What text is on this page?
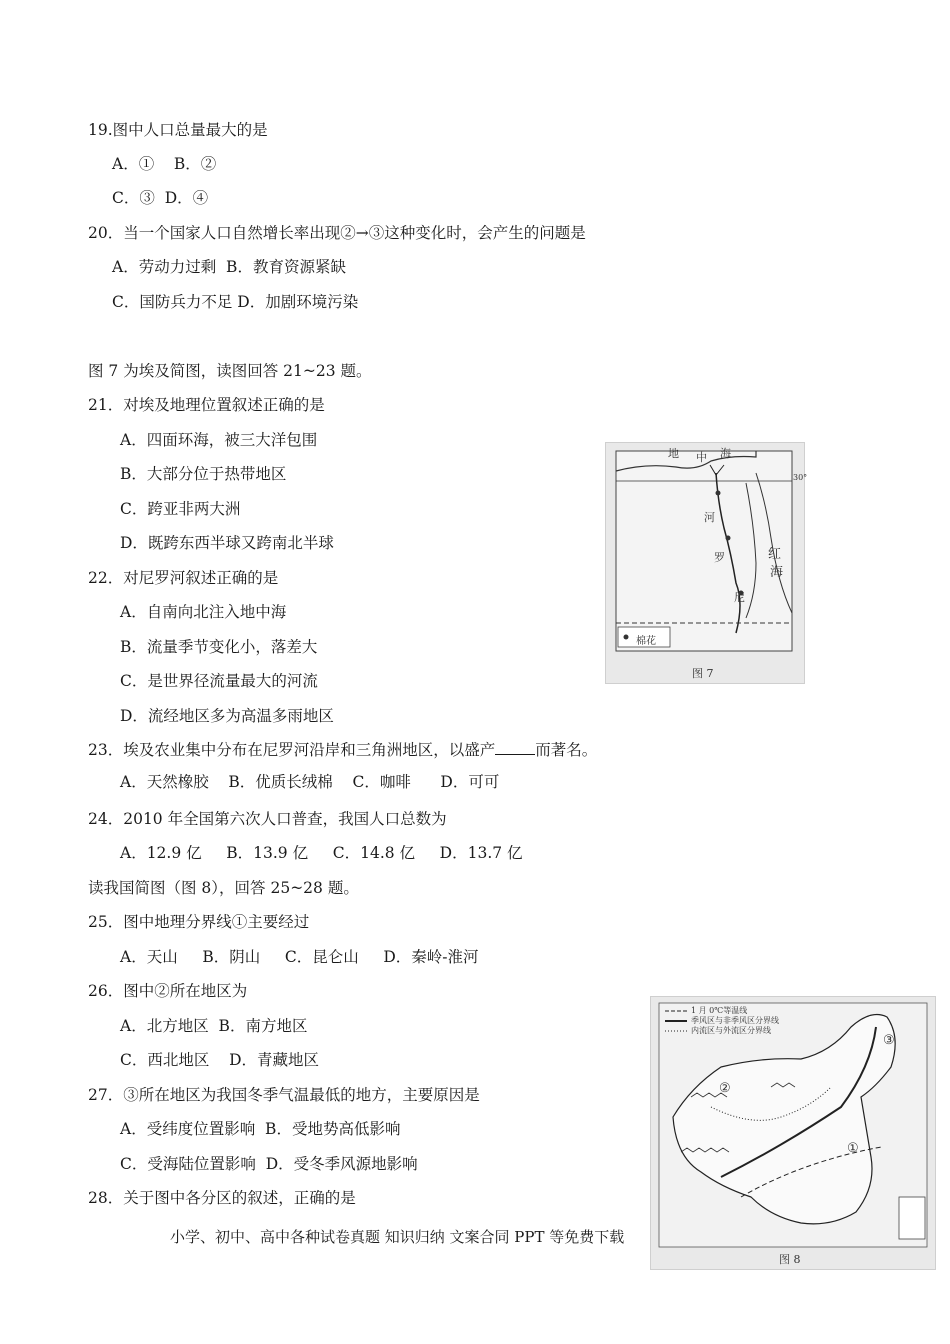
19.图中人口总量最大的是
A．①    B．②
C．③  D．④
20．当一个国家人口自然增长率出现②→③这种变化时，会产生的问题是
A．劳动力过剩  B．教育资源紧缺
C．国防兵力不足 D．加剧环境污染
图 7 为埃及简图，读图回答 21~23 题。
21．对埃及地理位置叙述正确的是
A．四面环海，被三大洋包围
B．大部分位于热带地区
C．跨亚非两大洲
D．既跨东西半球又跨南北半球
22．对尼罗河叙述正确的是
A．自南向北注入地中海
B．流量季节变化小，落差大
C．是世界径流量最大的河流
D．流经地区多为高温多雨地区
23．埃及农业集中分布在尼罗河沿岸和三角洲地区，以盛产	而著名。
A．天然橡胶    B．优质长绒棉    C．咖啡      D．可可
24．2010 年全国第六次人口普查，我国人口总数为
A．12.9 亿     B．13.9 亿     C．14.8 亿     D．13.7 亿
读我国简图（图 8），回答 25~28 题。
25．图中地理分界线①主要经过
A．天山     B．阴山     C．昆仑山     D．秦岭-淮河
26．图中②所在地区为
A．北方地区  B．南方地区
C．西北地区    D．青藏地区
27．③所在地区为我国冬季气温最低的地方，主要原因是
A．受纬度位置影响  B．受地势高低影响
C．受海陆位置影响  D．受冬季风源地影响
28．关于图中各分区的叙述，正确的是
地 中 海
30°
河
罗
尼
红
海
棉花
图 7
1 月 0℃等温线
季风区与非季风区分界线
内流区与外流区分界线
③
②
①
图 8
小学、初中、高中各种试卷真题 知识归纳 文案合同 PPT 等免费下载
